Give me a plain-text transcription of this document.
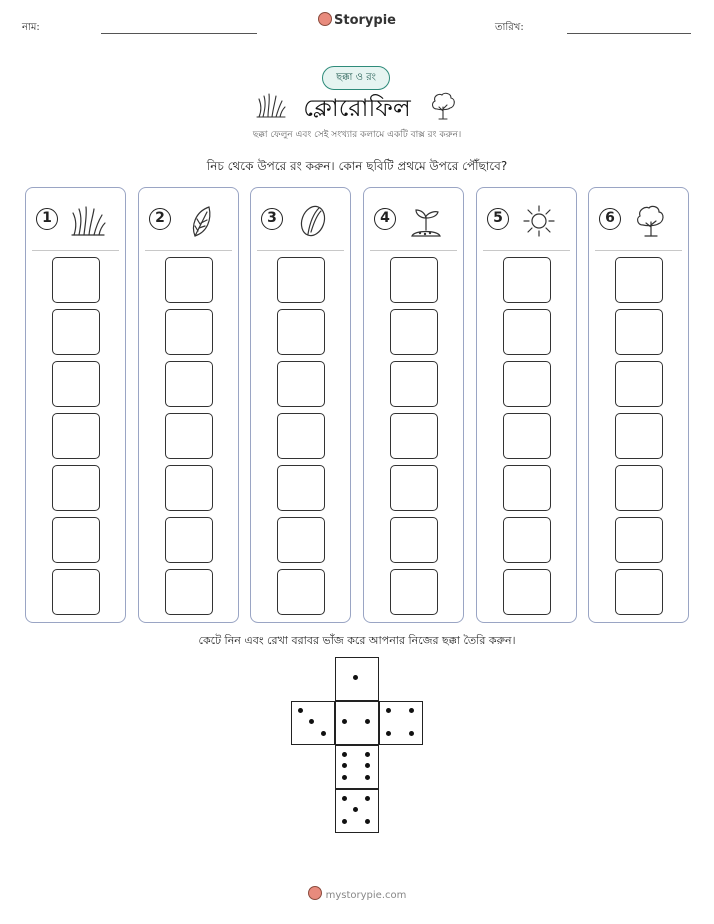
নাম:	Storypie	তারিখ:
ছক্কা ও রং
ক্লোরোফিল
ছক্কা ফেলুন এবং সেই সংখ্যার কলামে একটি বাক্স রং করুন।
নিচ থেকে উপরে রং করুন। কোন ছবিটি প্রথমে উপরে পৌঁছাবে?
1	2	3	4	5	6
কেটে নিন এবং রেখা বরাবর ভাঁজ করে আপনার নিজের ছক্কা তৈরি করুন।
mystorypie.com
